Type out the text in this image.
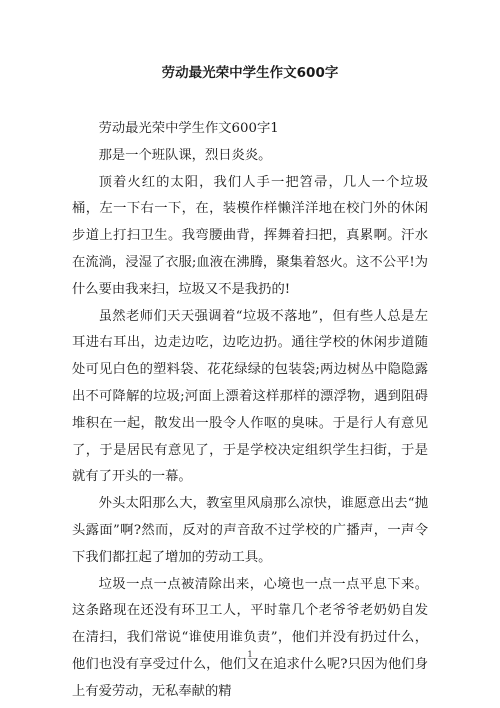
劳动最光荣中学生作文600字

劳动最光荣中学生作文600字1

那是一个班队课，烈日炎炎。

顶着火红的太阳，我们人手一把笤帚，几人一个垃圾桶，左一下右一下，在，装模作样懒洋洋地在校门外的休闲步道上打扫卫生。我弯腰曲背，挥舞着扫把，真累啊。汗水在流淌，浸湿了衣服;血液在沸腾，聚集着怒火。这不公平!为什么要由我来扫，垃圾又不是我扔的!

虽然老师们天天强调着“垃圾不落地”，但有些人总是左耳进右耳出，边走边吃，边吃边扔。通往学校的休闲步道随处可见白色的塑料袋、花花绿绿的包装袋;两边树丛中隐隐露出不可降解的垃圾;河面上漂着这样那样的漂浮物，遇到阻碍堆积在一起，散发出一股令人作呕的臭味。于是行人有意见了，于是居民有意见了，于是学校决定组织学生扫街，于是就有了开头的一幕。

外头太阳那么大，教室里风扇那么凉快，谁愿意出去“抛头露面”啊?然而，反对的声音敌不过学校的广播声，一声令下我们都扛起了增加的劳动工具。

垃圾一点一点被清除出来，心境也一点一点平息下来。这条路现在还没有环卫工人，平时靠几个老爷爷老奶奶自发在清扫，我们常说“谁使用谁负责”，他们并没有扔过什么，他们也没有享受过什么，他们又在追求什么呢?只因为他们身上有爱劳动，无私奉献的精

1
